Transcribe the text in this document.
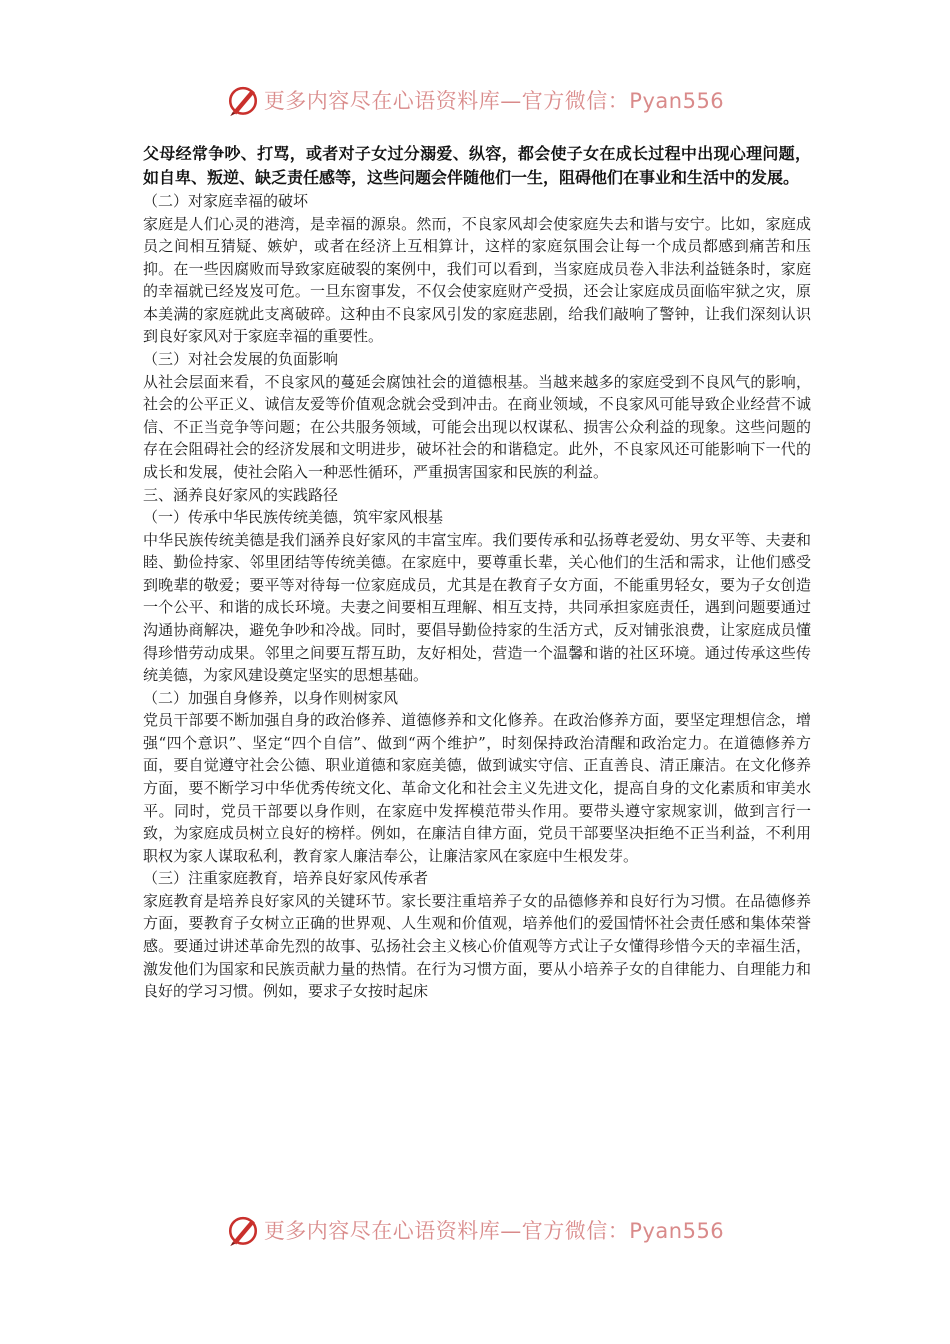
更多内容尽在心语资料库—官方微信：Pyan556

父母经常争吵、打骂，或者对子女过分溺爱、纵容，都会使子女在成长过程中出现心理问题，如自卑、叛逆、缺乏责任感等，这些问题会伴随他们一生，阻碍他们在事业和生活中的发展。

（二）对家庭幸福的破坏

家庭是人们心灵的港湾，是幸福的源泉。然而，不良家风却会使家庭失去和谐与安宁。比如，家庭成员之间相互猜疑、嫉妒，或者在经济上互相算计，这样的家庭氛围会让每一个成员都感到痛苦和压抑。在一些因腐败而导致家庭破裂的案例中，我们可以看到，当家庭成员卷入非法利益链条时，家庭的幸福就已经岌岌可危。一旦东窗事发，不仅会使家庭财产受损，还会让家庭成员面临牢狱之灾，原本美满的家庭就此支离破碎。这种由不良家风引发的家庭悲剧，给我们敲响了警钟，让我们深刻认识到良好家风对于家庭幸福的重要性。

（三）对社会发展的负面影响

从社会层面来看，不良家风的蔓延会腐蚀社会的道德根基。当越来越多的家庭受到不良风气的影响，社会的公平正义、诚信友爱等价值观念就会受到冲击。在商业领域，不良家风可能导致企业经营不诚信、不正当竞争等问题；在公共服务领域，可能会出现以权谋私、损害公众利益的现象。这些问题的存在会阻碍社会的经济发展和文明进步，破坏社会的和谐稳定。此外，不良家风还可能影响下一代的成长和发展，使社会陷入一种恶性循环，严重损害国家和民族的利益。

三、涵养良好家风的实践路径

（一）传承中华民族传统美德，筑牢家风根基

中华民族传统美德是我们涵养良好家风的丰富宝库。我们要传承和弘扬尊老爱幼、男女平等、夫妻和睦、勤俭持家、邻里团结等传统美德。在家庭中，要尊重长辈，关心他们的生活和需求，让他们感受到晚辈的敬爱；要平等对待每一位家庭成员，尤其是在教育子女方面，不能重男轻女，要为子女创造一个公平、和谐的成长环境。夫妻之间要相互理解、相互支持，共同承担家庭责任，遇到问题要通过沟通协商解决，避免争吵和冷战。同时，要倡导勤俭持家的生活方式，反对铺张浪费，让家庭成员懂得珍惜劳动成果。邻里之间要互帮互助，友好相处，营造一个温馨和谐的社区环境。通过传承这些传统美德，为家风建设奠定坚实的思想基础。

（二）加强自身修养，以身作则树家风

党员干部要不断加强自身的政治修养、道德修养和文化修养。在政治修养方面，要坚定理想信念，增强“四个意识”、坚定“四个自信”、做到“两个维护”，时刻保持政治清醒和政治定力。在道德修养方面，要自觉遵守社会公德、职业道德和家庭美德，做到诚实守信、正直善良、清正廉洁。在文化修养方面，要不断学习中华优秀传统文化、革命文化和社会主义先进文化，提高自身的文化素质和审美水平。同时，党员干部要以身作则，在家庭中发挥模范带头作用。要带头遵守家规家训，做到言行一致，为家庭成员树立良好的榜样。例如，在廉洁自律方面，党员干部要坚决拒绝不正当利益，不利用职权为家人谋取私利，教育家人廉洁奉公，让廉洁家风在家庭中生根发芽。

（三）注重家庭教育，培养良好家风传承者

家庭教育是培养良好家风的关键环节。家长要注重培养子女的品德修养和良好行为习惯。在品德修养方面，要教育子女树立正确的世界观、人生观和价值观，培养他们的爱国情怀社会责任感和集体荣誉感。要通过讲述革命先烈的故事、弘扬社会主义核心价值观等方式让子女懂得珍惜今天的幸福生活，激发他们为国家和民族贡献力量的热情。在行为习惯方面，要从小培养子女的自律能力、自理能力和良好的学习习惯。例如，要求子女按时起床

更多内容尽在心语资料库—官方微信：Pyan556
